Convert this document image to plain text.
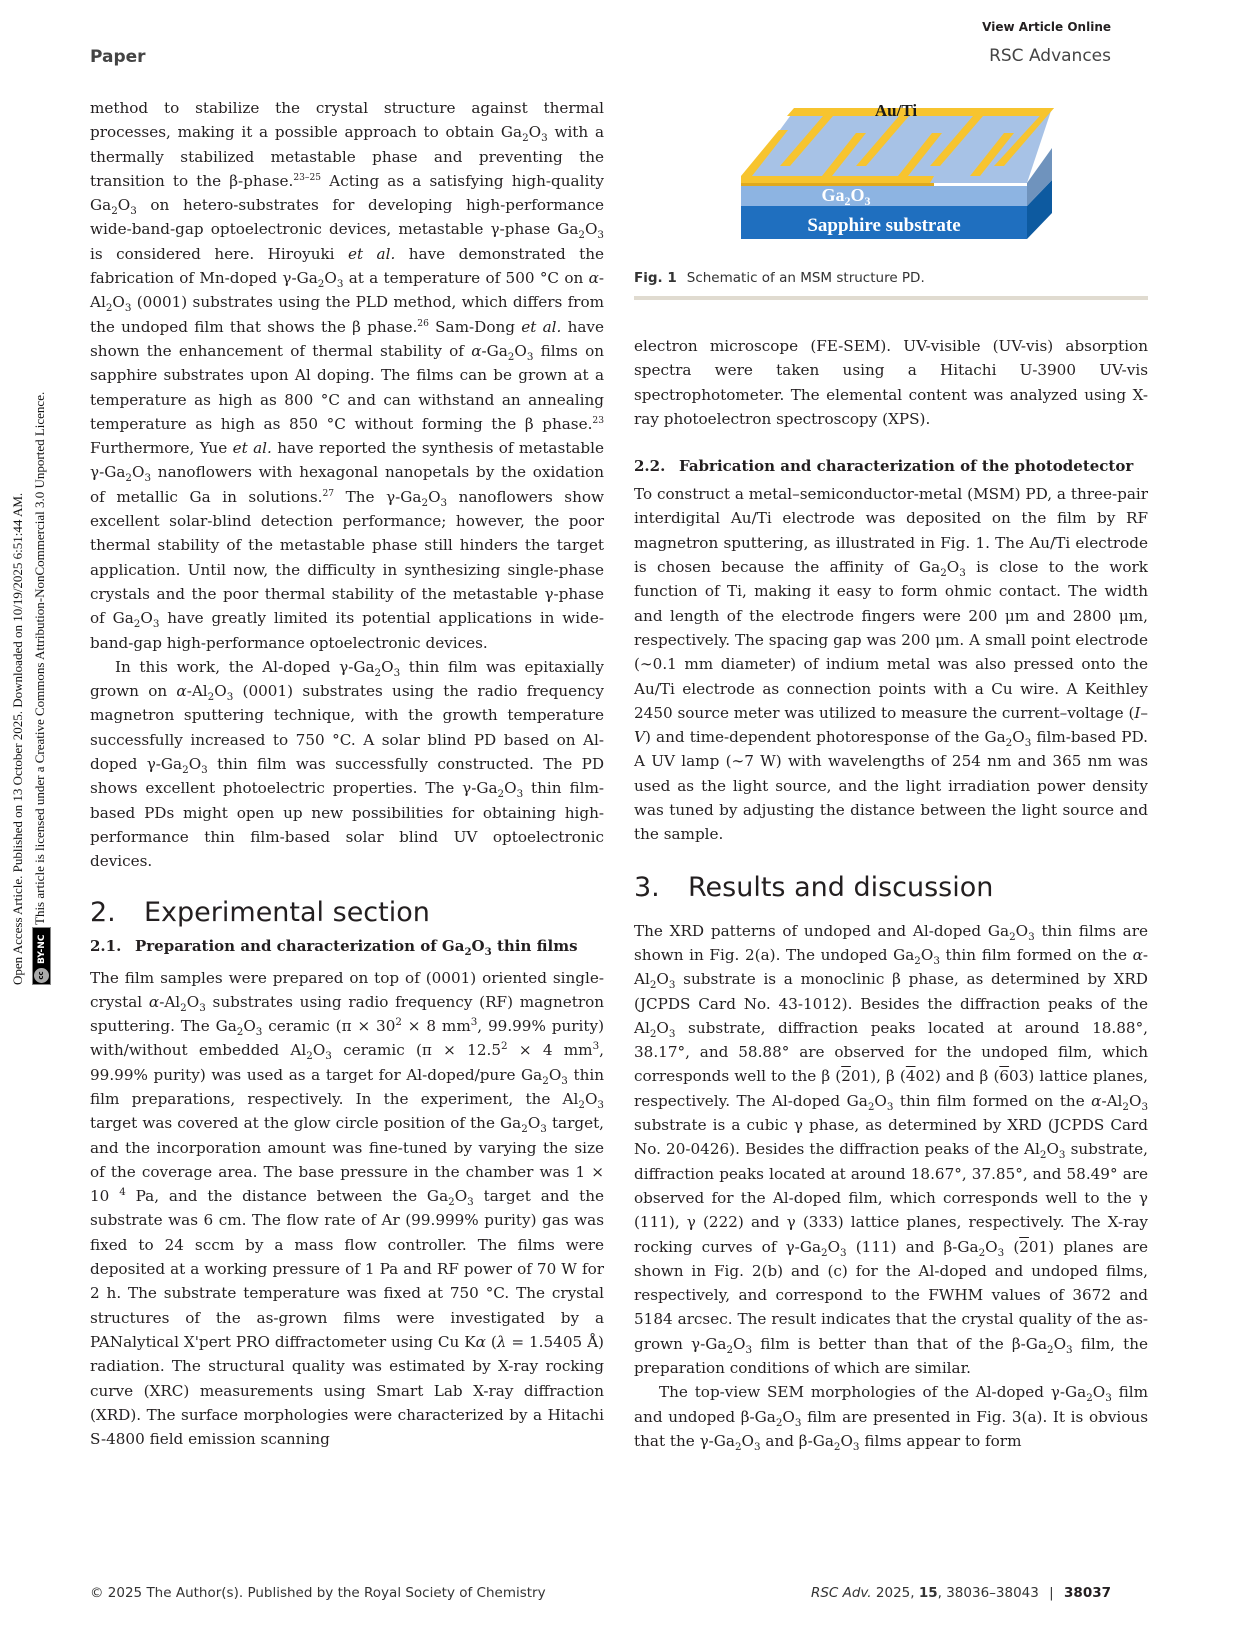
View Article Online
RSC Advances
Paper
Open Access Article. Published on 13 October 2025. Downloaded on 10/19/2025 6:51:44 AM.	cc
BY-NC
This article is licensed under a Creative Commons Attribution-NonCommercial 3.0 Unported Licence.

method to stabilize the crystal structure against thermal processes, making it a possible approach to obtain $Ga_2O_3$ with a thermally stabilized metastable phase and preventing the transition to the β-phase.$^{23-25}$ Acting as a satisfying high-quality $Ga_2O_3$ on hetero-substrates for developing high-performance wide-band-gap optoelectronic devices, metastable γ-phase $Ga_2O_3$ is considered here. Hiroyuki et al. have demonstrated the fabrication of Mn-doped $\gamma-Ga_2O_3$ at a temperature of 500 °C on $\alpha-Al_2O_3$ (0001) substrates using the PLD method, which differs from the undoped film that shows the β phase.$^{26}$ Sam-Dong et al. have shown the enhancement of thermal stability of $\alpha-Ga_2O_3$ films on sapphire substrates upon Al doping. The films can be grown at a temperature as high as 800 °C and can withstand an annealing temperature as high as 850 °C without forming the β phase.$^{23}$ Furthermore, Yue et al. have reported the synthesis of metastable $\gamma-Ga_2O_3$ nanoflowers with hexagonal nanopetals by the oxidation of metallic Ga in solutions.$^{27}$ The $\gamma-Ga_2O_3$ nanoflowers show excellent solar-blind detection performance; however, the poor thermal stability of the metastable phase still hinders the target application. Until now, the difficulty in synthesizing single-phase crystals and the poor thermal stability of the metastable γ-phase of $Ga_2O_3$ have greatly limited its potential applications in wide-band-gap high-performance optoelectronic devices.

In this work, the Al-doped $\gamma-Ga_2O_3$ thin film was epitaxially grown on $\alpha-Al_2O_3$ (0001) substrates using the radio frequency magnetron sputtering technique, with the growth temperature successfully increased to 750 °C. A solar blind PD based on Al-doped $\gamma-Ga_2O_3$ thin film was successfully constructed. The PD shows excellent photoelectric properties. The $\gamma-Ga_2O_3$ thin film-based PDs might open up new possibilities for obtaining high-performance thin film-based solar blind UV optoelectronic devices.

2. Experimental section
2.1. Preparation and characterization of $Ga_2O_3$ thin films

The film samples were prepared on top of (0001) oriented single-crystal $\alpha-Al_2O_3$ substrates using radio frequency (RF) magnetron sputtering. The $Ga_2O_3$ ceramic ($\pi \times 30^2 \times 8$ $mm^3$, 99.99% purity) with/without embedded $Al_2O_3$ ceramic ($\pi \times 12.5^2 \times 4$ $mm^3$, 99.99% purity) was used as a target for Al-doped/pure $Ga_2O_3$ thin film preparations, respectively. In the experiment, the $Al_2O_3$ target was covered at the glow circle position of the $Ga_2O_3$ target, and the incorporation amount was fine-tuned by varying the size of the coverage area. The base pressure in the chamber was 1 × 10 $^4$ Pa, and the distance between the $Ga_2O_3$ target and the substrate was 6 cm. The flow rate of Ar (99.999% purity) gas was fixed to 24 sccm by a mass flow controller. The films were deposited at a working pressure of 1 Pa and RF power of 70 W for 2 h. The substrate temperature was fixed at 750 °C. The crystal structures of the as-grown films were investigated by a PANalytical X'pert PRO diffractometer using Cu Kα (λ = 1.5405 Å) radiation. The structural quality was estimated by X-ray rocking curve (XRC) measurements using Smart Lab X-ray diffraction (XRD). The surface morphologies were characterized by a Hitachi S-4800 field emission scanning

Au/Ti
$Ga_2O_3$
Sapphire substrate
Fig. 1 Schematic of an MSM structure PD.

electron microscope (FE-SEM). UV-visible (UV-vis) absorption spectra were taken using a Hitachi U-3900 UV-vis spectrophotometer. The elemental content was analyzed using X-ray photoelectron spectroscopy (XPS).

2.2. Fabrication and characterization of the photodetector

To construct a metal–semiconductor-metal (MSM) PD, a three-pair interdigital Au/Ti electrode was deposited on the film by RF magnetron sputtering, as illustrated in Fig. 1. The Au/Ti electrode is chosen because the affinity of $Ga_2O_3$ is close to the work function of Ti, making it easy to form ohmic contact. The width and length of the electrode fingers were 200 μm and 2800 μm, respectively. The spacing gap was 200 μm. A small point electrode (∼0.1 mm diameter) of indium metal was also pressed onto the Au/Ti electrode as connection points with a Cu wire. A Keithley 2450 source meter was utilized to measure the current–voltage (I–V) and time-dependent photoresponse of the $Ga_2O_3$ film-based PD. A UV lamp (∼7 W) with wavelengths of 254 nm and 365 nm was used as the light source, and the light irradiation power density was tuned by adjusting the distance between the light source and the sample.

3. Results and discussion

The XRD patterns of undoped and Al-doped $Ga_2O_3$ thin films are shown in Fig. 2(a). The undoped $Ga_2O_3$ thin film formed on the $\alpha-Al_2O_3$ substrate is a monoclinic β phase, as determined by XRD (JCPDS Card No. 43-1012). Besides the diffraction peaks of the $Al_2O_3$ substrate, diffraction peaks located at around 18.88°, 38.17°, and 58.88° are observed for the undoped film, which corresponds well to the β (201), β (402) and β (603) lattice planes, respectively. The Al-doped $Ga_2O_3$ thin film formed on the $\alpha-Al_2O_3$ substrate is a cubic γ phase, as determined by XRD (JCPDS Card No. 20-0426). Besides the diffraction peaks of the $Al_2O_3$ substrate, diffraction peaks located at around 18.67°, 37.85°, and 58.49° are observed for the Al-doped film, which corresponds well to the γ (111), γ (222) and γ (333) lattice planes, respectively. The X-ray rocking curves of $\gamma-Ga_2O_3$ (111) and $\beta-Ga_2O_3$ (201) planes are shown in Fig. 2(b) and (c) for the Al-doped and undoped films, respectively, and correspond to the FWHM values of 3672 and 5184 arcsec. The result indicates that the crystal quality of the as-grown $\gamma-Ga_2O_3$ film is better than that of the $\beta-Ga_2O_3$ film, the preparation conditions of which are similar.

The top-view SEM morphologies of the Al-doped $\gamma-Ga_2O_3$ film and undoped $\beta-Ga_2O_3$ film are presented in Fig. 3(a). It is obvious that the $\gamma-Ga_2O_3$ and $\beta-Ga_2O_3$ films appear to form

© 2025 The Author(s). Published by the Royal Society of Chemistry	RSC Adv. 2025, 15, 38036–38043 | 38037
